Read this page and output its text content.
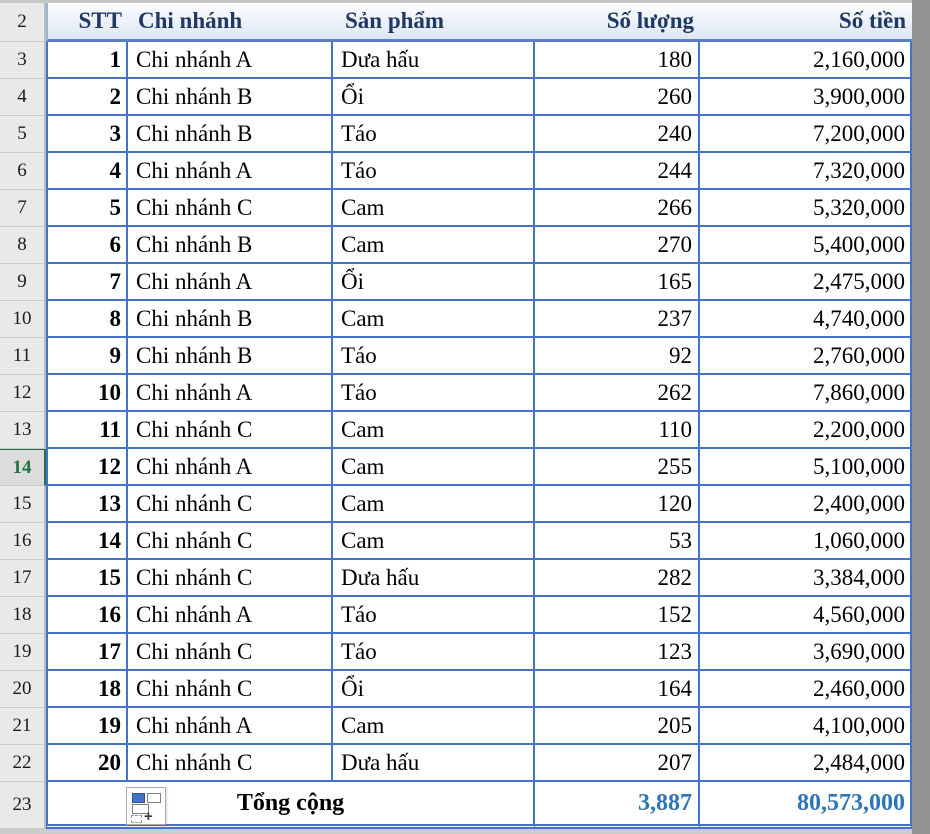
2	STT Chi nhánh	Sản phẩm	Số lượng	Số tiền
3	1 Chi nhánh A	Dưa hấu	180	2,160,000
4	2 Chi nhánh B	Ổi	260	3,900,000
5	3 Chi nhánh B	Táo	240	7,200,000
6	4 Chi nhánh A	Táo	244	7,320,000
7	5 Chi nhánh C	Cam	266	5,320,000
8	6 Chi nhánh B	Cam	270	5,400,000
9	7 Chi nhánh A	Ổi	165	2,475,000
10	8 Chi nhánh B	Cam	237	4,740,000
11	9 Chi nhánh B	Táo	92	2,760,000
12	10 Chi nhánh A	Táo	262	7,860,000
13	11 Chi nhánh C	Cam	110	2,200,000
14	12 Chi nhánh A	Cam	255	5,100,000
15	13 Chi nhánh C	Cam	120	2,400,000
16	14 Chi nhánh C	Cam	53	1,060,000
17	15 Chi nhánh C	Dưa hấu	282	3,384,000
18	16 Chi nhánh A	Táo	152	4,560,000
19	17 Chi nhánh C	Táo	123	3,690,000
20	18 Chi nhánh C	Ổi	164	2,460,000
21	19 Chi nhánh A	Cam	205	4,100,000
22	20 Chi nhánh C	Dưa hấu	207	2,484,000
23	Tổng cộng	3,887	80,573,000
+
